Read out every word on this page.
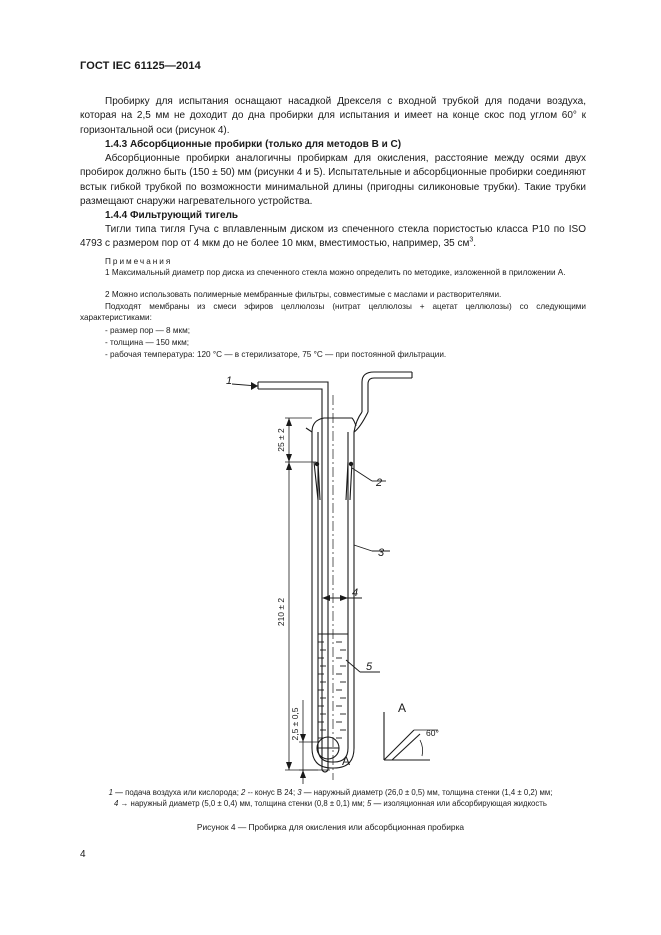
ГОСТ IEC 61125—2014
Пробирку для испытания оснащают насадкой Дрекселя с входной трубкой для подачи воздуха, которая на 2,5 мм не доходит до дна пробирки для испытания и имеет на конце скос под углом 60° к горизонтальной оси (рисунок 4).
1.4.3 Абсорбционные пробирки (только для методов В и С)
Абсорбционные пробирки аналогичны пробиркам для окисления, расстояние между осями двух пробирок должно быть (150 ± 50) мм (рисунки 4 и 5). Испытательные и абсорбционные пробирки соединяют встык гибкой трубкой по возможности минимальной длины (пригодны силиконовые трубки). Такие трубки размещают снаружи нагревательного устройства.
1.4.4 Фильтрующий тигель
Тигли типа тигля Гуча с вплавленным диском из спеченного стекла пористостью класса Р10 по ISO 4793 с размером пор от 4 мкм до не более 10 мкм, вместимостью, например, 35 $см^3$.
Примечания
1 Максимальный диаметр пор диска из спеченного стекла можно определить по методике, изложенной в приложении А.
2 Можно использовать полимерные мембранные фильтры, совместимые с маслами и растворителями.
Подходят мембраны из смеси эфиров целлюлозы (нитрат целлюлозы + ацетат целлюлозы) со следующими характеристиками:
- размер пор — 8 мкм;
- толщина — 150 мкм;
- рабочая температура: 120 °C — в стерилизаторе, 75 °C — при постоянной фильтрации.
1
2
3
4
5
25 ± 2
210 ± 2
2,5 ± 0,5	60°
A
A
1 — подача воздуха или кислорода; 2 -- конус В 24; 3 — наружный диаметр (26,0 ± 0,5) мм, толщина стенки (1,4 ± 0,2) мм;
4 → наружный диаметр (5,0 ± 0,4) мм, толщина стенки (0,8 ± 0,1) мм; 5 — изоляционная или абсорбирующая жидкость
Рисунок 4 — Пробирка для окисления или абсорбционная пробирка
4
